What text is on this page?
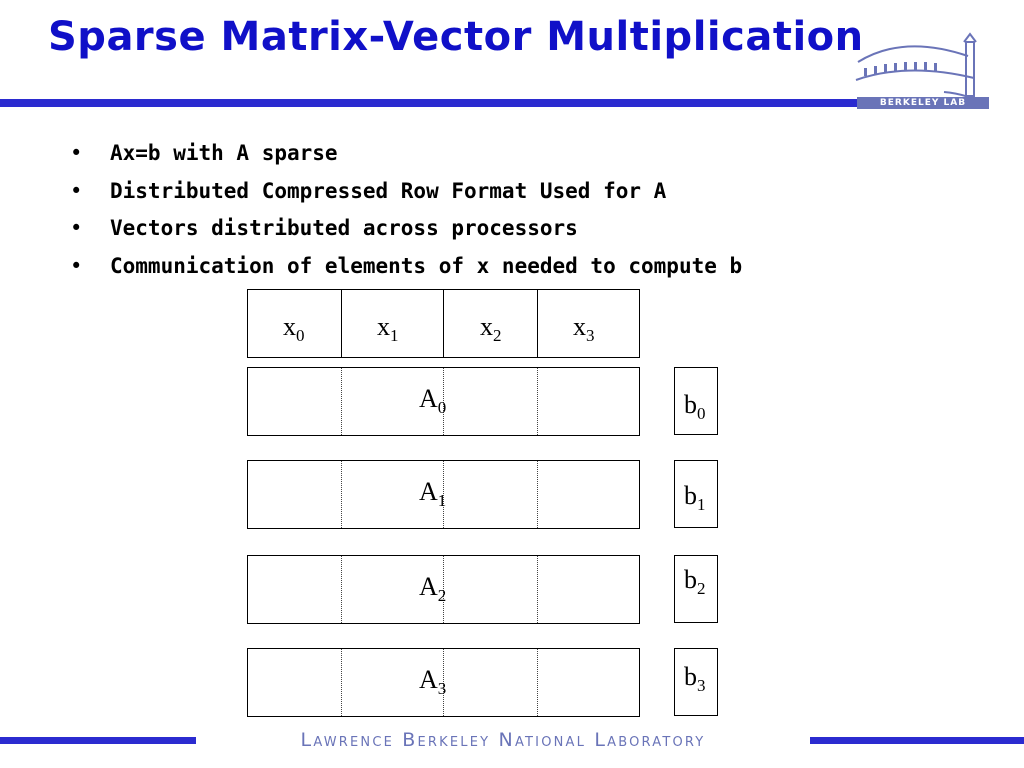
Sparse Matrix-Vector Multiplication
BERKELEY LAB
• Ax=b with A sparse
• Distributed Compressed Row Format Used for A
• Vectors distributed across processors
• Communication of elements of x needed to compute b
$x_0$	$x_1$	$x_2$	$x_3$
$A_0$
$A_1$
$A_2$
$A_3$
$b_0$
$b_1$
$b_2$
$b_3$
Lawrence Berkeley National Laboratory
